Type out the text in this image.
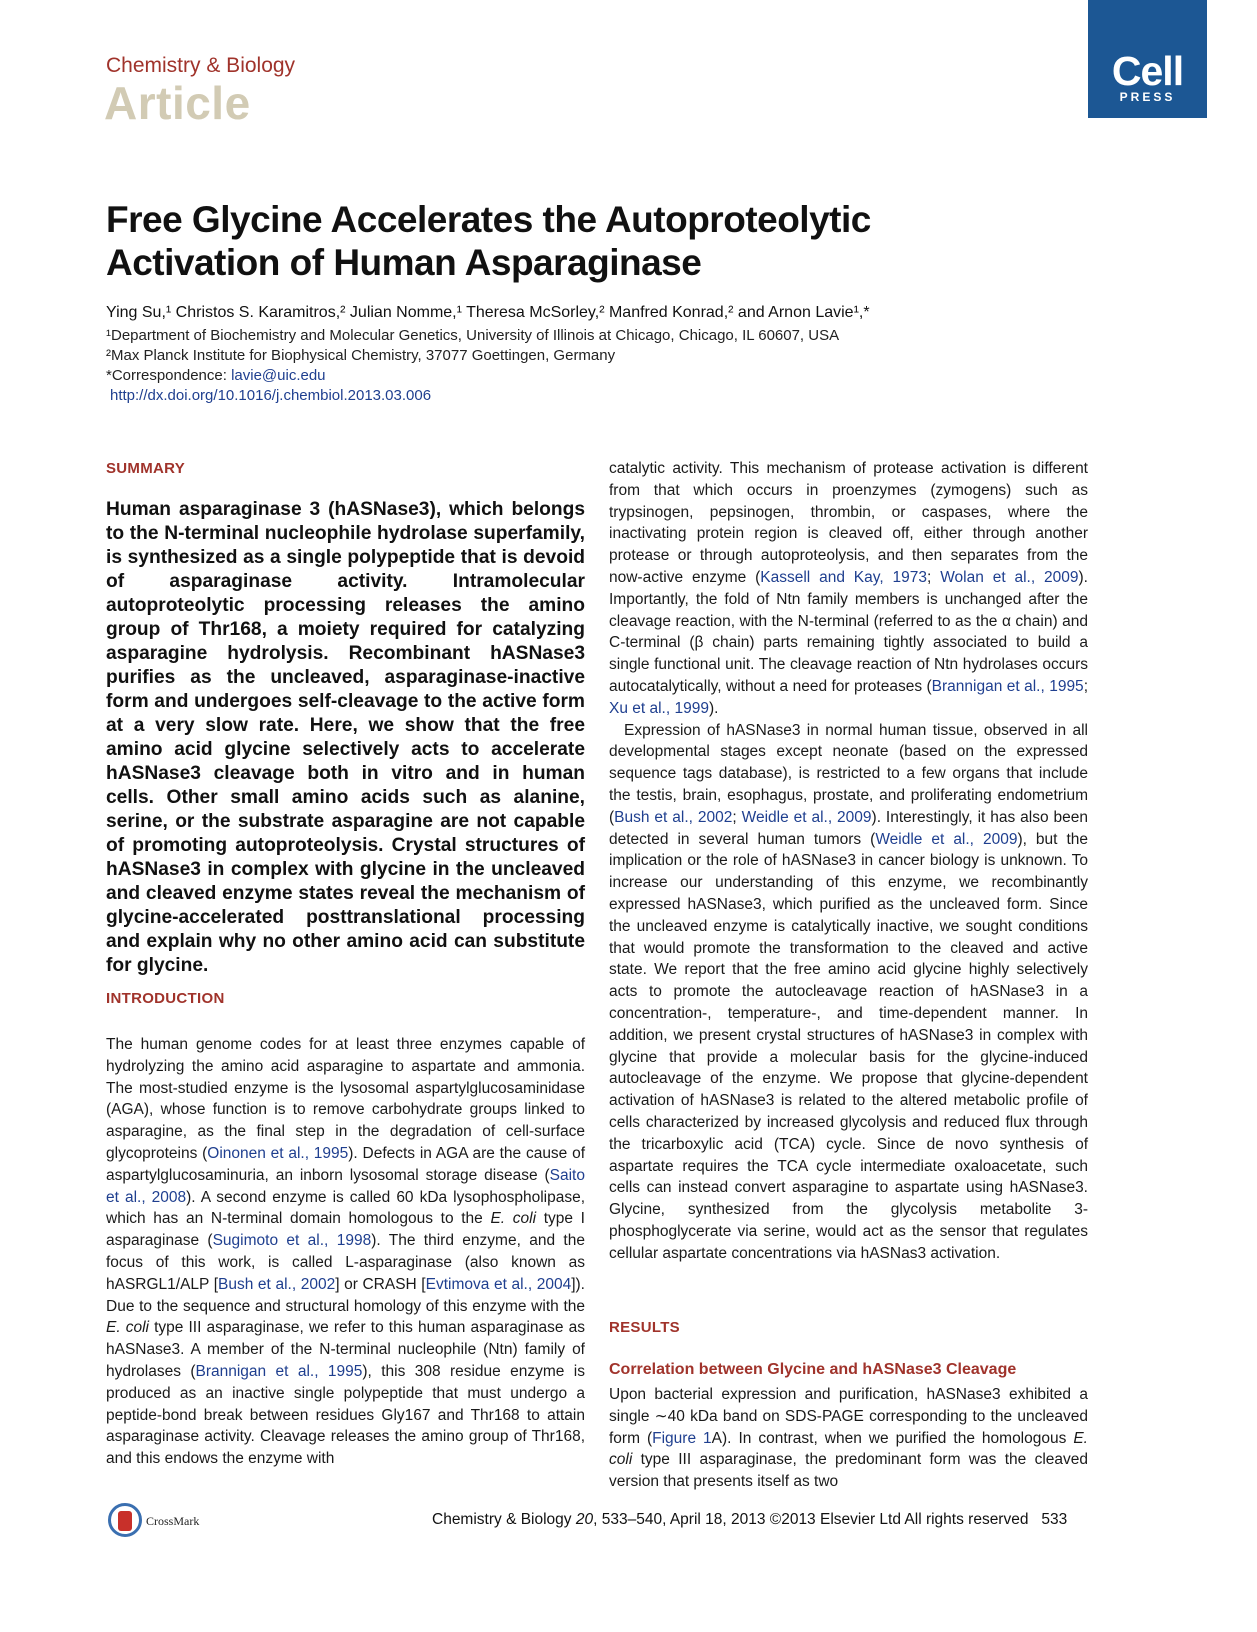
Chemistry & Biology
Article
Cell
PRESS
Free Glycine Accelerates the Autoproteolytic
Activation of Human Asparaginase
Ying Su,¹ Christos S. Karamitros,² Julian Nomme,¹ Theresa McSorley,² Manfred Konrad,² and Arnon Lavie¹,*
¹Department of Biochemistry and Molecular Genetics, University of Illinois at Chicago, Chicago, IL 60607, USA
²Max Planck Institute for Biophysical Chemistry, 37077 Goettingen, Germany
*Correspondence: lavie@uic.edu
http://dx.doi.org/10.1016/j.chembiol.2013.03.006
SUMMARY

Human asparaginase 3 (hASNase3), which belongs to the N-terminal nucleophile hydrolase superfamily, is synthesized as a single polypeptide that is devoid of asparaginase activity. Intramolecular autoproteolytic processing releases the amino group of Thr168, a moiety required for catalyzing asparagine hydrolysis. Recombinant hASNase3 purifies as the uncleaved, asparaginase-inactive form and undergoes self-cleavage to the active form at a very slow rate. Here, we show that the free amino acid glycine selectively acts to accelerate hASNase3 cleavage both in vitro and in human cells. Other small amino acids such as alanine, serine, or the substrate asparagine are not capable of promoting autoproteolysis. Crystal structures of hASNase3 in complex with glycine in the uncleaved and cleaved enzyme states reveal the mechanism of glycine-accelerated posttranslational processing and explain why no other amino acid can substitute for glycine.

INTRODUCTION

The human genome codes for at least three enzymes capable of hydrolyzing the amino acid asparagine to aspartate and ammonia. The most-studied enzyme is the lysosomal aspartylglucosaminidase (AGA), whose function is to remove carbohydrate groups linked to asparagine, as the final step in the degradation of cell-surface glycoproteins (Oinonen et al., 1995). Defects in AGA are the cause of aspartylglucosaminuria, an inborn lysosomal storage disease (Saito et al., 2008). A second enzyme is called 60 kDa lysophospholipase, which has an N-terminal domain homologous to the E. coli type I asparaginase (Sugimoto et al., 1998). The third enzyme, and the focus of this work, is called L-asparaginase (also known as hASRGL1/ALP [Bush et al., 2002] or CRASH [Evtimova et al., 2004]). Due to the sequence and structural homology of this enzyme with the E. coli type III asparaginase, we refer to this human asparaginase as hASNase3. A member of the N-terminal nucleophile (Ntn) family of hydrolases (Brannigan et al., 1995), this 308 residue enzyme is produced as an inactive single polypeptide that must undergo a peptide-bond break between residues Gly167 and Thr168 to attain asparaginase activity. Cleavage releases the amino group of Thr168, and this endows the enzyme with

catalytic activity. This mechanism of protease activation is different from that which occurs in proenzymes (zymogens) such as trypsinogen, pepsinogen, thrombin, or caspases, where the inactivating protein region is cleaved off, either through another protease or through autoproteolysis, and then separates from the now-active enzyme (Kassell and Kay, 1973; Wolan et al., 2009). Importantly, the fold of Ntn family members is unchanged after the cleavage reaction, with the N-terminal (referred to as the α chain) and C-terminal (β chain) parts remaining tightly associated to build a single functional unit. The cleavage reaction of Ntn hydrolases occurs autocatalytically, without a need for proteases (Brannigan et al., 1995; Xu et al., 1999).

Expression of hASNase3 in normal human tissue, observed in all developmental stages except neonate (based on the expressed sequence tags database), is restricted to a few organs that include the testis, brain, esophagus, prostate, and proliferating endometrium (Bush et al., 2002; Weidle et al., 2009). Interestingly, it has also been detected in several human tumors (Weidle et al., 2009), but the implication or the role of hASNase3 in cancer biology is unknown. To increase our understanding of this enzyme, we recombinantly expressed hASNase3, which purified as the uncleaved form. Since the uncleaved enzyme is catalytically inactive, we sought conditions that would promote the transformation to the cleaved and active state. We report that the free amino acid glycine highly selectively acts to promote the autocleavage reaction of hASNase3 in a concentration-, temperature-, and time-dependent manner. In addition, we present crystal structures of hASNase3 in complex with glycine that provide a molecular basis for the glycine-induced autocleavage of the enzyme. We propose that glycine-dependent activation of hASNase3 is related to the altered metabolic profile of cells characterized by increased glycolysis and reduced flux through the tricarboxylic acid (TCA) cycle. Since de novo synthesis of aspartate requires the TCA cycle intermediate oxaloacetate, such cells can instead convert asparagine to aspartate using hASNase3. Glycine, synthesized from the glycolysis metabolite 3-phosphoglycerate via serine, would act as the sensor that regulates cellular aspartate concentrations via hASNas3 activation.

RESULTS
Correlation between Glycine and hASNase3 Cleavage

Upon bacterial expression and purification, hASNase3 exhibited a single ∼40 kDa band on SDS-PAGE corresponding to the uncleaved form (Figure 1A). In contrast, when we purified the homologous E. coli type III asparaginase, the predominant form was the cleaved version that presents itself as two

CrossMark	Chemistry & Biology 20, 533–540, April 18, 2013 ©2013 Elsevier Ltd All rights reserved 533
